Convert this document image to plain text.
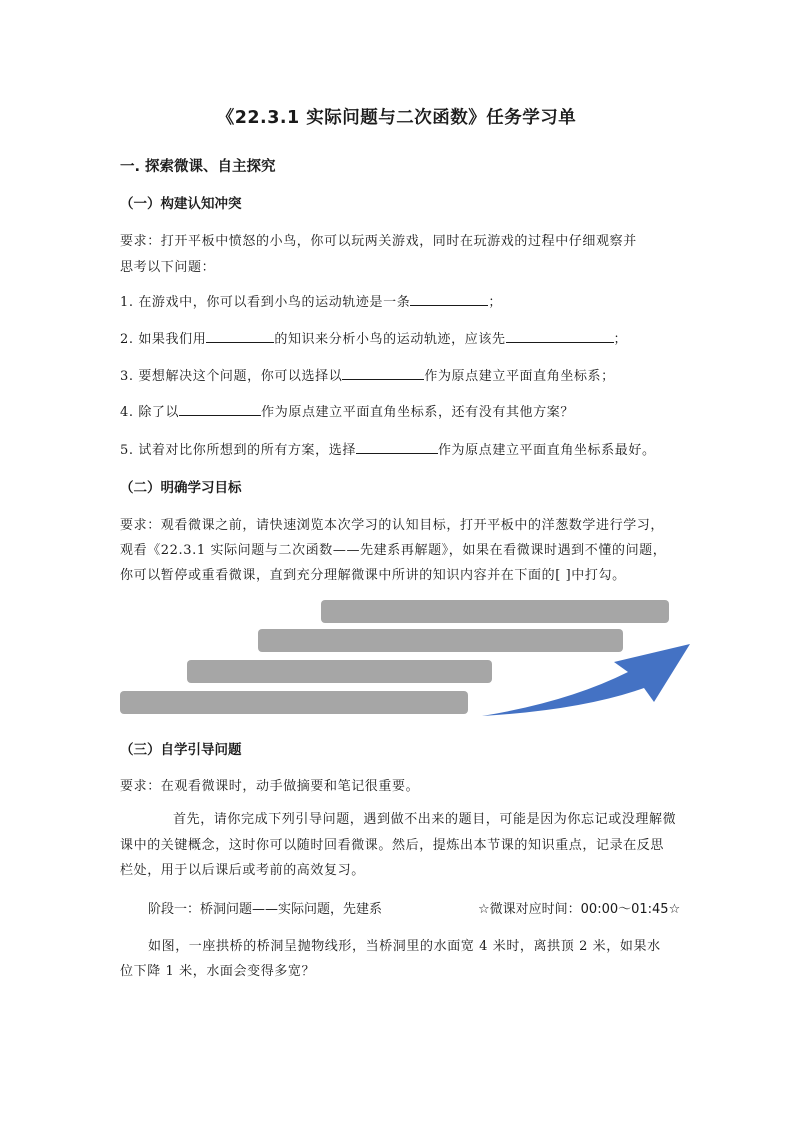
《22.3.1 实际问题与二次函数》任务学习单
一. 探索微课、自主探究
（一）构建认知冲突
要求：打开平板中愤怒的小鸟，你可以玩两关游戏，同时在玩游戏的过程中仔细观察并
思考以下问题：
1. 在游戏中，你可以看到小鸟的运动轨迹是一条	；
2. 如果我们用	的知识来分析小鸟的运动轨迹，应该先	；
3. 要想解决这个问题，你可以选择以	作为原点建立平面直角坐标系；
4. 除了以	作为原点建立平面直角坐标系，还有没有其他方案？
5. 试着对比你所想到的所有方案，选择	作为原点建立平面直角坐标系最好。
（二）明确学习目标
要求：观看微课之前，请快速浏览本次学习的认知目标，打开平板中的洋葱数学进行学习，
观看《22.3.1 实际问题与二次函数——先建系再解题》，如果在看微课时遇到不懂的问题，
你可以暂停或重看微课，直到充分理解微课中所讲的知识内容并在下面的[ ]中打勾。
（三）自学引导问题
要求：在观看微课时，动手做摘要和笔记很重要。
首先，请你完成下列引导问题，遇到做不出来的题目，可能是因为你忘记或没理解微
课中的关键概念，这时你可以随时回看微课。然后，提炼出本节课的知识重点，记录在反思
栏处，用于以后课后或考前的高效复习。
阶段一：桥洞问题——实际问题，先建系	☆微课对应时间：00:00～01:45☆
如图，一座拱桥的桥洞呈抛物线形，当桥洞里的水面宽 4 米时，离拱顶 2 米，如果水
位下降 1 米，水面会变得多宽？
